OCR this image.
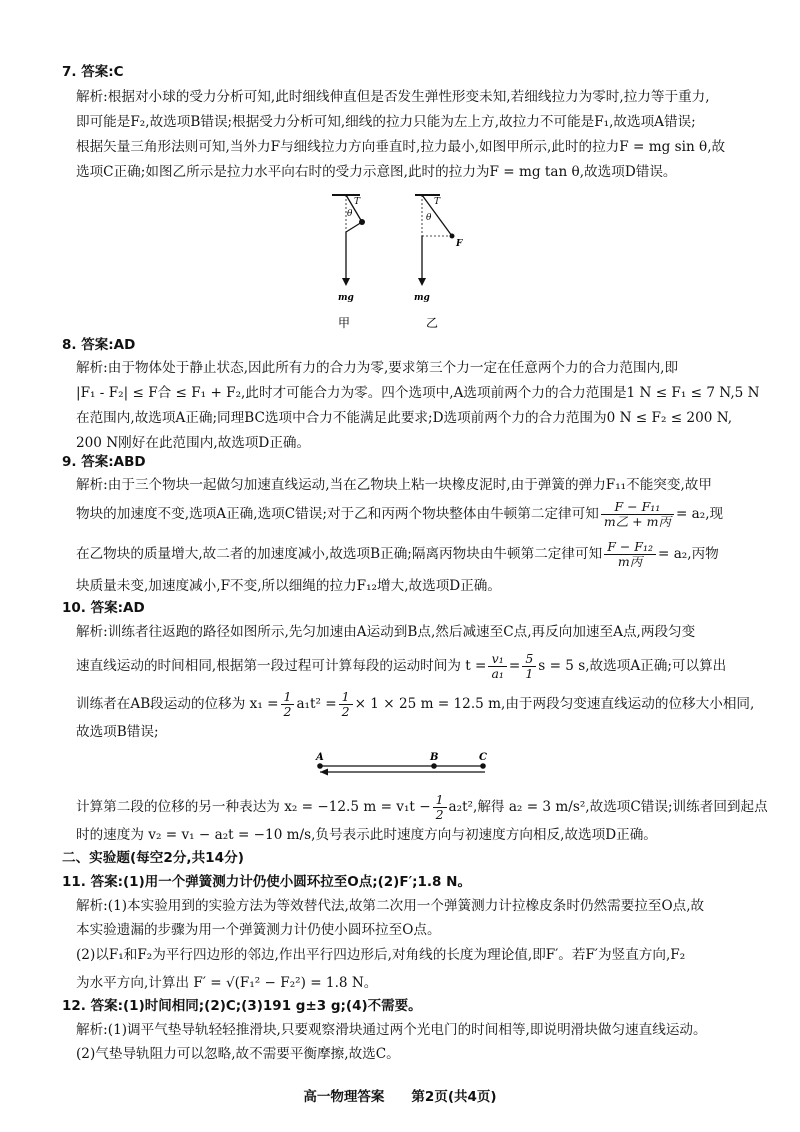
7. 答案:C
解析:根据对小球的受力分析可知,此时细线伸直但是否发生弹性形变未知,若细线拉力为零时,拉力等于重力,
即可能是F₂,故选项B错误;根据受力分析可知,细线的拉力只能为左上方,故拉力不可能是F₁,故选项A错误;
根据矢量三角形法则可知,当外力F与细线拉力方向垂直时,拉力最小,如图甲所示,此时的拉力F = mg sin θ,故
选项C正确;如图乙所示是拉力水平向右时的受力示意图,此时的拉力为F = mg tan θ,故选项D错误。
T
θ
mg
甲
T
θ
F
mg
乙
8. 答案:AD
解析:由于物体处于静止状态,因此所有力的合力为零,要求第三个力一定在任意两个力的合力范围内,即
|F₁ - F₂| ≤ F合 ≤ F₁ + F₂,此时才可能合力为零。四个选项中,A选项前两个力的合力范围是1 N ≤ F₁ ≤ 7 N,5 N
在范围内,故选项A正确;同理BC选项中合力不能满足此要求;D选项前两个力的合力范围为0 N ≤ F₂ ≤ 200 N,
200 N刚好在此范围内,故选项D正确。
9. 答案:ABD
解析:由于三个物块一起做匀加速直线运动,当在乙物块上粘一块橡皮泥时,由于弹簧的弹力F₁₁不能突变,故甲
物块的加速度不变,选项A正确,选项C错误;对于乙和丙两个物块整体由牛顿第二定律可知 $\frac{\text{F − F₁₁}}{\text{m乙 + m丙}} = a_2$,现
在乙物块的质量增大,故二者的加速度减小,故选项B正确;隔离丙物块由牛顿第二定律可知 $\frac{\text{F − F₁₂}}{\text{m丙}} = a_2$,丙物
块质量未变,加速度减小,F不变,所以细绳的拉力F₁₂增大,故选项D正确。
10. 答案:AD
解析:训练者往返跑的路径如图所示,先匀加速由A运动到B点,然后减速至C点,再反向加速至A点,两段匀变
速直线运动的时间相同,根据第一段过程可计算每段的运动时间为 $t = \frac{\text{v₁}}{\text{a₁}} = \frac{5}{1}$ s = 5 s,故选项A正确;可以算出
训练者在AB段运动的位移为 $x_1 = \frac{1}{2} a_1t^2 = \frac{1}{2} \times 1 \times 25$ m = 12.5 m,由于两段匀变速直线运动的位移大小相同,
故选项B错误;
A	B	C
计算第二段的位移的另一种表达为 x₂ = −12.5 $m = v_1t - \frac{1}{2} a_2t^2$,解得 a₂ = 3 m/s²,故选项C错误;训练者回到起点
时的速度为 v₂ = v₁ − a₂t = −10 m/s,负号表示此时速度方向与初速度方向相反,故选项D正确。
二、实验题(每空2分,共14分)
11. 答案:(1)用一个弹簧测力计仍使小圆环拉至O点;(2)F′;1.8 N。
解析:(1)本实验用到的实验方法为等效替代法,故第二次用一个弹簧测力计拉橡皮条时仍然需要拉至O点,故
本实验遗漏的步骤为用一个弹簧测力计仍使小圆环拉至O点。
(2)以F₁和F₂为平行四边形的邻边,作出平行四边形后,对角线的长度为理论值,即F′。若F′为竖直方向,F₂
为水平方向,计算出 F′ = √(F₁² − F₂²) = 1.8 N。
12. 答案:(1)时间相同;(2)C;(3)191 g±3 g;(4)不需要。
解析:(1)调平气垫导轨轻轻推滑块,只要观察滑块通过两个光电门的时间相等,即说明滑块做匀速直线运动。
(2)气垫导轨阻力可以忽略,故不需要平衡摩擦,故选C。
高一物理答案　　第2页(共4页)
